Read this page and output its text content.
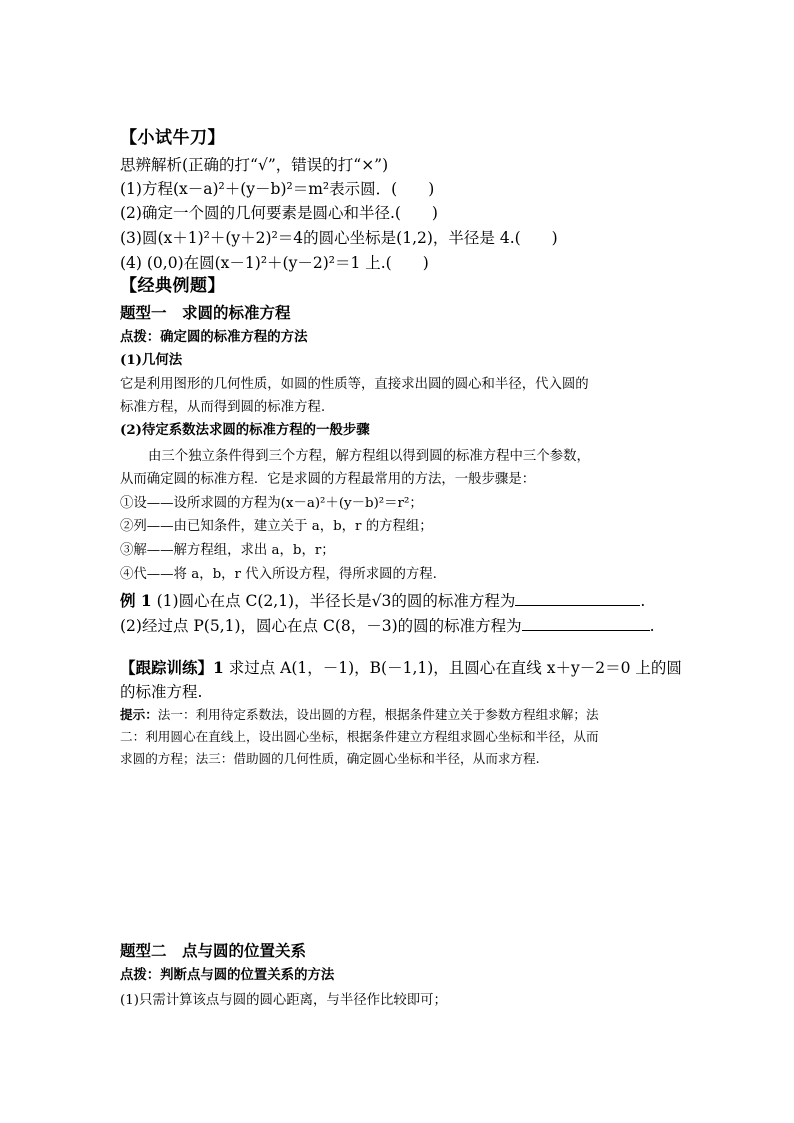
【小试牛刀】
思辨解析(正确的打“√”，错误的打“×”)
(1)方程(x－a)²＋(y－b)²＝m²表示圆．(　　)
(2)确定一个圆的几何要素是圆心和半径.(　　)
(3)圆(x＋1)²＋(y＋2)²＝4的圆心坐标是(1,2)，半径是 4.(　　)
(4) (0,0)在圆(x－1)²＋(y－2)²＝1 上.(　　)
【经典例题】
题型一　求圆的标准方程
点拨：确定圆的标准方程的方法
(1)几何法
它是利用图形的几何性质，如圆的性质等，直接求出圆的圆心和半径，代入圆的
标准方程，从而得到圆的标准方程.
(2)待定系数法求圆的标准方程的一般步骤
由三个独立条件得到三个方程，解方程组以得到圆的标准方程中三个参数，
从而确定圆的标准方程．它是求圆的方程最常用的方法，一般步骤是：
①设——设所求圆的方程为(x－a)²＋(y－b)²＝r²；
②列——由已知条件，建立关于 a，b，r 的方程组；
③解——解方程组，求出 a，b，r；
④代——将 a，b，r 代入所设方程，得所求圆的方程.
例 1 (1)圆心在点 C(2,1)，半径长是√3的圆的标准方程为	.
(2)经过点 P(5,1)，圆心在点 C(8，－3)的圆的标准方程为	.
【跟踪训练】1 求过点 A(1，－1)，B(－1,1)，且圆心在直线 x＋y－2＝0 上的圆
的标准方程.
提示：法一：利用待定系数法，设出圆的方程，根据条件建立关于参数方程组求解；法
二：利用圆心在直线上，设出圆心坐标，根据条件建立方程组求圆心坐标和半径，从而
求圆的方程；法三：借助圆的几何性质，确定圆心坐标和半径，从而求方程.
题型二　点与圆的位置关系
点拨：判断点与圆的位置关系的方法
(1)只需计算该点与圆的圆心距离，与半径作比较即可；
